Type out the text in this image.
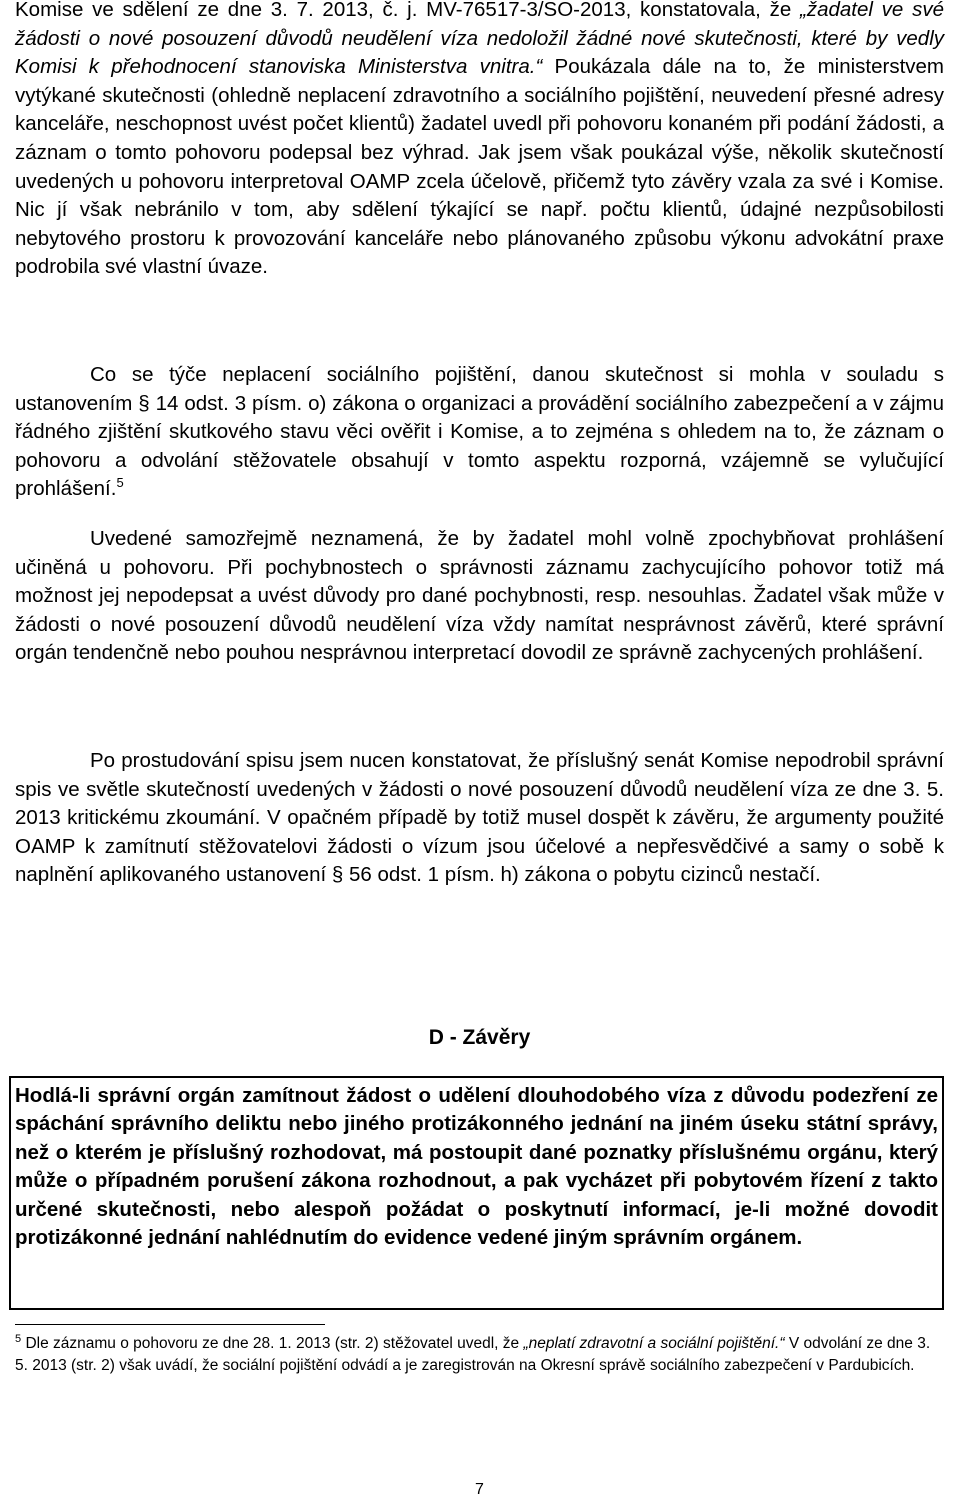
Komise ve sdělení ze dne 3. 7. 2013, č. j. MV-76517-3/SO-2013, konstatovala, že „žadatel ve své žádosti o nové posouzení důvodů neudělení víza nedoložil žádné nové skutečnosti, které by vedly Komisi k přehodnocení stanoviska Ministerstva vnitra.“ Poukázala dále na to, že ministerstvem vytýkané skutečnosti (ohledně neplacení zdravotního a sociálního pojištění, neuvedení přesné adresy kanceláře, neschopnost uvést počet klientů) žadatel uvedl při pohovoru konaném při podání žádosti, a záznam o tomto pohovoru podepsal bez výhrad. Jak jsem však poukázal výše, několik skutečností uvedených u pohovoru interpretoval OAMP zcela účelově, přičemž tyto závěry vzala za své i Komise. Nic jí však nebránilo v tom, aby sdělení týkající se např. počtu klientů, údajné nezpůsobilosti nebytového prostoru k provozování kanceláře nebo plánovaného způsobu výkonu advokátní praxe podrobila své vlastní úvaze.

Co se týče neplacení sociálního pojištění, danou skutečnost si mohla v souladu s ustanovením § 14 odst. 3 písm. o) zákona o organizaci a provádění sociálního zabezpečení a v zájmu řádného zjištění skutkového stavu věci ověřit i Komise, a to zejména s ohledem na to, že záznam o pohovoru a odvolání stěžovatele obsahují v tomto aspektu rozporná, vzájemně se vylučující prohlášení.$^5$

Uvedené samozřejmě neznamená, že by žadatel mohl volně zpochybňovat prohlášení učiněná u pohovoru. Při pochybnostech o správnosti záznamu zachycujícího pohovor totiž má možnost jej nepodepsat a uvést důvody pro dané pochybnosti, resp. nesouhlas. Žadatel však může v žádosti o nové posouzení důvodů neudělení víza vždy namítat nesprávnost závěrů, které správní orgán tendenčně nebo pouhou nesprávnou interpretací dovodil ze správně zachycených prohlášení.

Po prostudování spisu jsem nucen konstatovat, že příslušný senát Komise nepodrobil správní spis ve světle skutečností uvedených v žádosti o nové posouzení důvodů neudělení víza ze dne 3. 5. 2013 kritickému zkoumání. V opačném případě by totiž musel dospět k závěru, že argumenty použité OAMP k zamítnutí stěžovatelovi žádosti o vízum jsou účelové a nepřesvědčivé a samy o sobě k naplnění aplikovaného ustanovení § 56 odst. 1 písm. h) zákona o pobytu cizinců nestačí.

D - Závěry

Hodlá-li správní orgán zamítnout žádost o udělení dlouhodobého víza z důvodu podezření ze spáchání správního deliktu nebo jiného protizákonného jednání na jiném úseku státní správy, než o kterém je příslušný rozhodovat, má postoupit dané poznatky příslušnému orgánu, který může o případném porušení zákona rozhodnout, a pak vycházet při pobytovém řízení z takto určené skutečnosti, nebo alespoň požádat o poskytnutí informací, je-li možné dovodit protizákonné jednání nahlédnutím do evidence vedené jiným správním orgánem.

$^5$ Dle záznamu o pohovoru ze dne 28. 1. 2013 (str. 2) stěžovatel uvedl, že „neplatí zdravotní a sociální pojištění.“ V odvolání ze dne 3. 5. 2013 (str. 2) však uvádí, že sociální pojištění odvádí a je zaregistrován na Okresní správě sociálního zabezpečení v Pardubicích.

7
